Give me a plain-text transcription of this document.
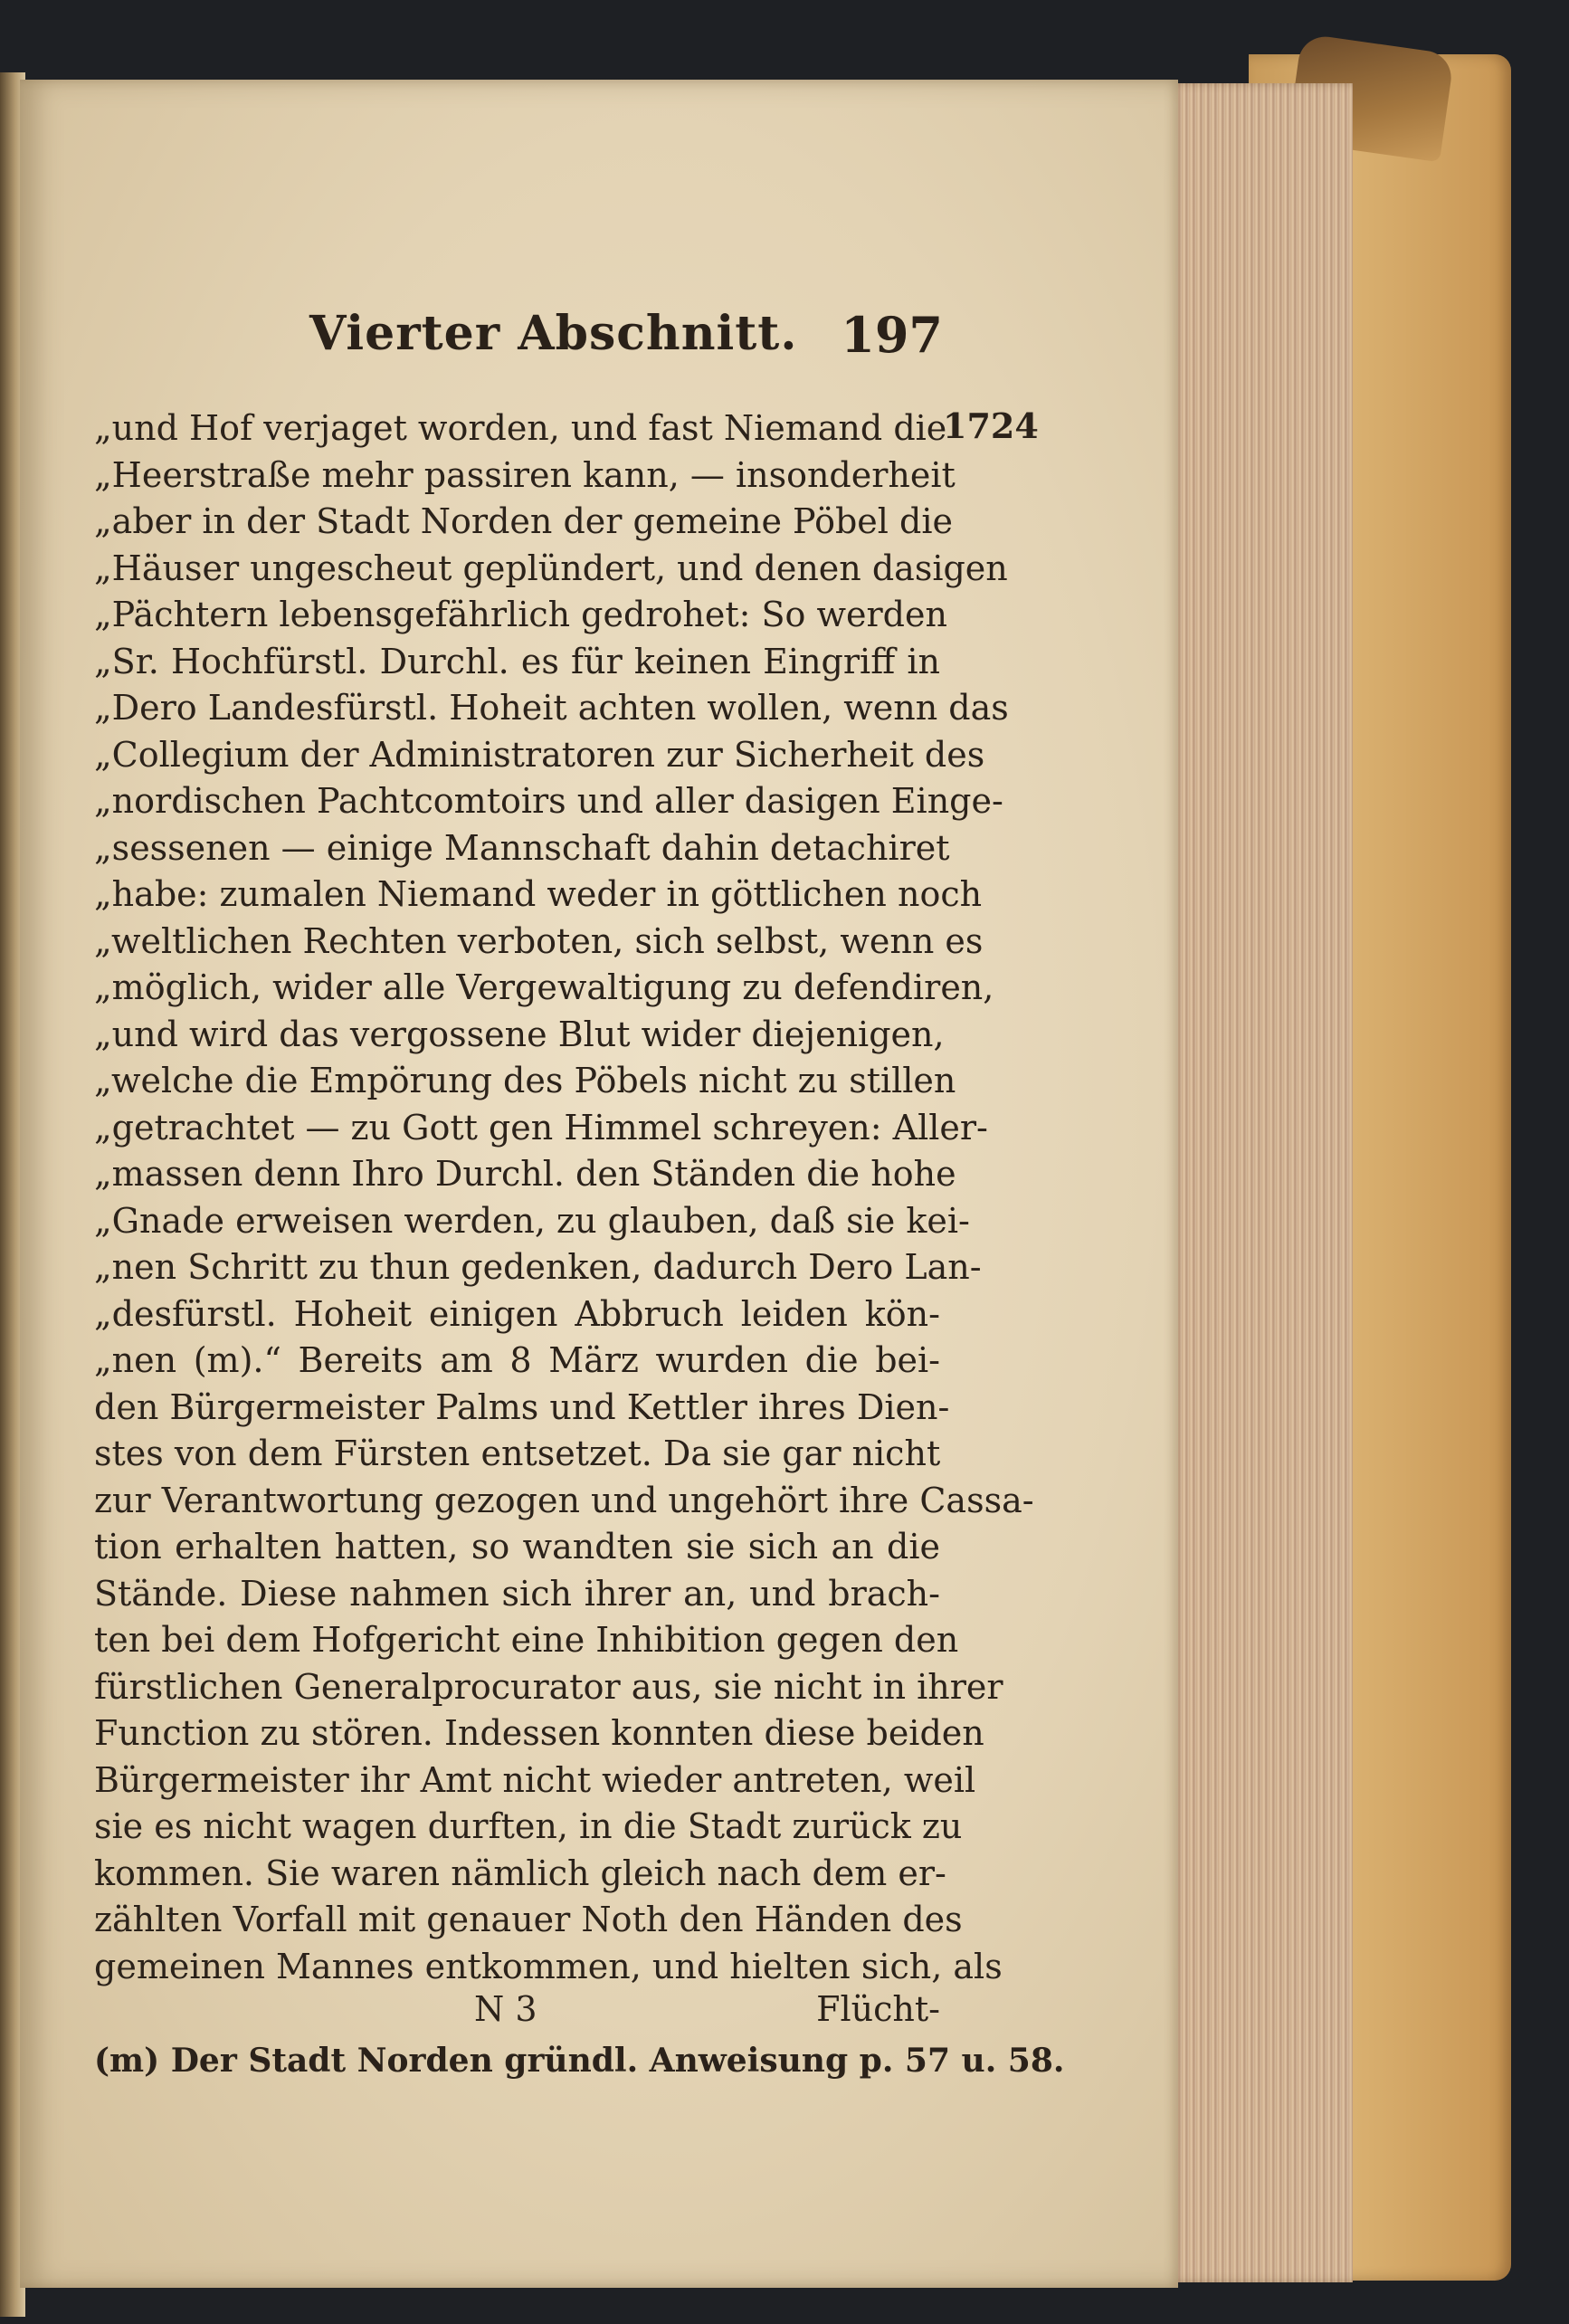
Vierter Abschnitt. 197
1724
„und Hof verjaget worden, und fast Niemand die
„Heerstraße mehr passiren kann, — insonderheit
„aber in der Stadt Norden der gemeine Pöbel die
„Häuser ungescheut geplündert, und denen dasigen
„Pächtern lebensgefährlich gedrohet: So werden
„Sr. Hochfürstl. Durchl. es für keinen Eingriff in
„Dero Landesfürstl. Hoheit achten wollen, wenn das
„Collegium der Administratoren zur Sicherheit des
„nordischen Pachtcomtoirs und aller dasigen Einge-
„sessenen — einige Mannschaft dahin detachiret
„habe: zumalen Niemand weder in göttlichen noch
„weltlichen Rechten verboten, sich selbst, wenn es
„möglich, wider alle Vergewaltigung zu defendiren,
„und wird das vergossene Blut wider diejenigen,
„welche die Empörung des Pöbels nicht zu stillen
„getrachtet — zu Gott gen Himmel schreyen: Aller-
„massen denn Ihro Durchl. den Ständen die hohe
„Gnade erweisen werden, zu glauben, daß sie kei-
„nen Schritt zu thun gedenken, dadurch Dero Lan-
„desfürstl. Hoheit einigen Abbruch leiden kön-
„nen (m).“ Bereits am 8 März wurden die bei-
den Bürgermeister Palms und Kettler ihres Dien-
stes von dem Fürsten entsetzet. Da sie gar nicht
zur Verantwortung gezogen und ungehört ihre Cassa-
tion erhalten hatten, so wandten sie sich an die
Stände. Diese nahmen sich ihrer an, und brach-
ten bei dem Hofgericht eine Inhibition gegen den
fürstlichen Generalprocurator aus, sie nicht in ihrer
Function zu stören. Indessen konnten diese beiden
Bürgermeister ihr Amt nicht wieder antreten, weil
sie es nicht wagen durften, in die Stadt zurück zu
kommen. Sie waren nämlich gleich nach dem er-
zählten Vorfall mit genauer Noth den Händen des
gemeinen Mannes entkommen, und hielten sich, als
N 3	Flücht-
(m) Der Stadt Norden gründl. Anweisung p. 57 u. 58.
